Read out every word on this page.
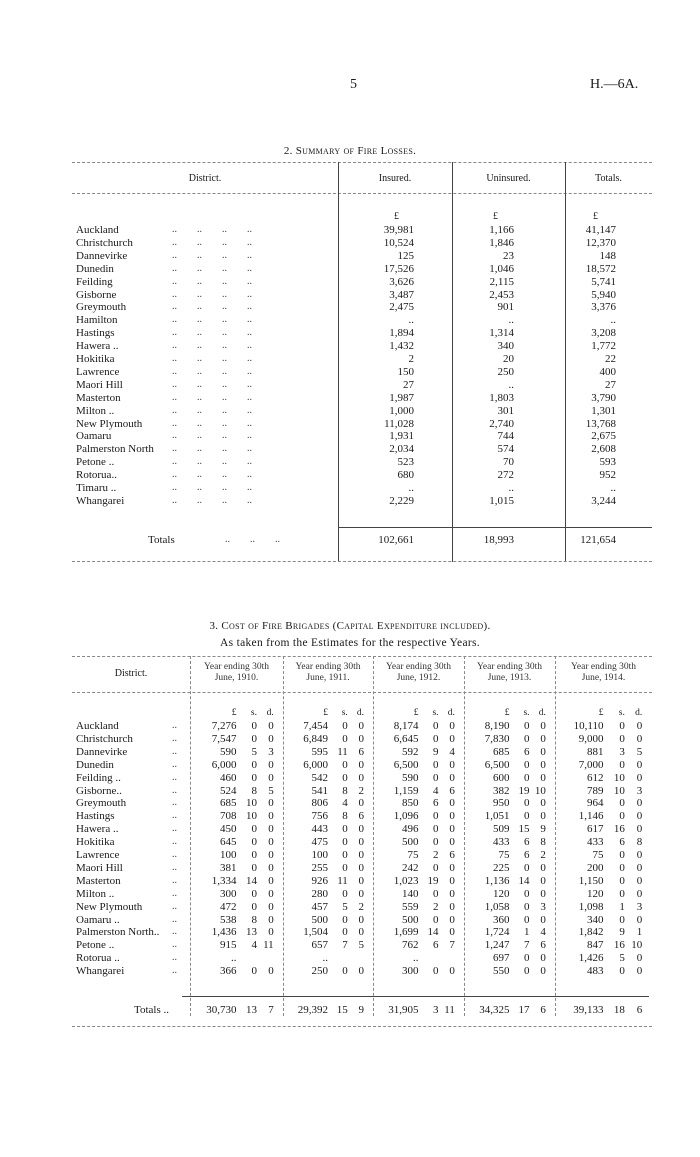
5	H.—6A.
2. Summary of Fire Losses.
District.	Insured.	Uninsured.	Totals.
£	£	£
Auckland	..        ..        ..        ..	39,981	1,166	41,147
Christchurch	..        ..        ..        ..	10,524	1,846	12,370
Dannevirke	..        ..        ..        ..	125	23	148
Dunedin	..        ..        ..        ..	17,526	1,046	18,572
Feilding	..        ..        ..        ..	3,626	2,115	5,741
Gisborne	..        ..        ..        ..	3,487	2,453	5,940
Greymouth	..        ..        ..        ..	2,475	901	3,376
Hamilton	..        ..        ..        ..	..	..	..
Hastings	..        ..        ..        ..	1,894	1,314	3,208
Hawera ..	..        ..        ..        ..	1,432	340	1,772
Hokitika	..        ..        ..        ..	2	20	22
Lawrence	..        ..        ..        ..	150	250	400
Maori Hill	..        ..        ..        ..	27	..	27
Masterton	..        ..        ..        ..	1,987	1,803	3,790
Milton ..	..        ..        ..        ..	1,000	301	1,301
New Plymouth	..        ..        ..        ..	11,028	2,740	13,768
Oamaru	..        ..        ..        ..	1,931	744	2,675
Palmerston North ..        ..        ..        ..	2,034	574	2,608
Petone ..	..        ..        ..        ..	523	70	593
Rotorua..	..        ..        ..        ..	680	272	952
Timaru ..	..        ..        ..        ..	..	..	..
Whangarei	..        ..        ..        ..	2,229	1,015	3,244
Totals	..        ..        ..	102,661	18,993	121,654
3. Cost of Fire Brigades (Capital Expenditure included).
As taken from the Estimates for the respective Years.
District.
Year ending 30th
June, 1910.
Year ending 30th
June, 1911.
Year ending 30th
June, 1912.
Year ending 30th
June, 1913.
Year ending 30th
June, 1914.
£	s.	d.	£	s. d.	£	s. d.	£	s. d.	£	s.	d.
Auckland	..	7,276	0	0	7,454	0 0	8,174	0 0	8,190	0 0	10,110	0	0
Christchurch	..	7,547	0	0	6,849	0 0	6,645	0 0	7,830	0 0	9,000	0	0
Dannevirke	..	590	5	3	595 11 6	592	9 4	685	6 0	881	3	5
Dunedin	..	6,000	0	0	6,000	0 0	6,500	0 0	6,500	0 0	7,000	0	0
Feilding ..	..	460	0	0	542	0 0	590	0 0	600	0 0	612 10	0
Gisborne..	..	524	8	5	541	8 2	1,159	4 6	382 19 10	789 10	3
Greymouth	..	685 10	0	806	4 0	850	6 0	950	0 0	964	0	0
Hastings	..	708 10	0	756	8 6	1,096	0 0	1,051	0 0	1,146	0	0
Hawera ..	..	450	0	0	443	0 0	496	0 0	509 15 9	617 16	0
Hokitika	..	645	0	0	475	0 0	500	0 0	433	6 8	433	6	8
Lawrence	..	100	0	0	100	0 0	75	2 6	75	6 2	75	0	0
Maori Hill	..	381	0	0	255	0 0	242	0 0	225	0 0	200	0	0
Masterton	..	1,334 14	0	926 11 0	1,023 19 0	1,136 14 0	1,150	0	0
Milton ..	..	300	0	0	280	0 0	140	0 0	120	0 0	120	0	0
New Plymouth	..	472	0	0	457	5 2	559	2 0	1,058	0 3	1,098	1	3
Oamaru ..	..	538	8	0	500	0 0	500	0 0	360	0 0	340	0	0
Palmerston North.. ..	1,436 13	0	1,504	0 0	1,699 14 0	1,724	1 4	1,842	9	1
Petone ..	..	915	4 11	657	7 5	762	6 7	1,247	7 6	847 16 10
Rotorua ..	..	..	..	..	697	0 0	1,426	5	0
Whangarei	..	366	0	0	250	0 0	300	0 0	550	0 0	483	0	0
Totals ..	30,730 13	7	29,392 15 9	31,905	3 11	34,325 17 6	39,133 18	6
